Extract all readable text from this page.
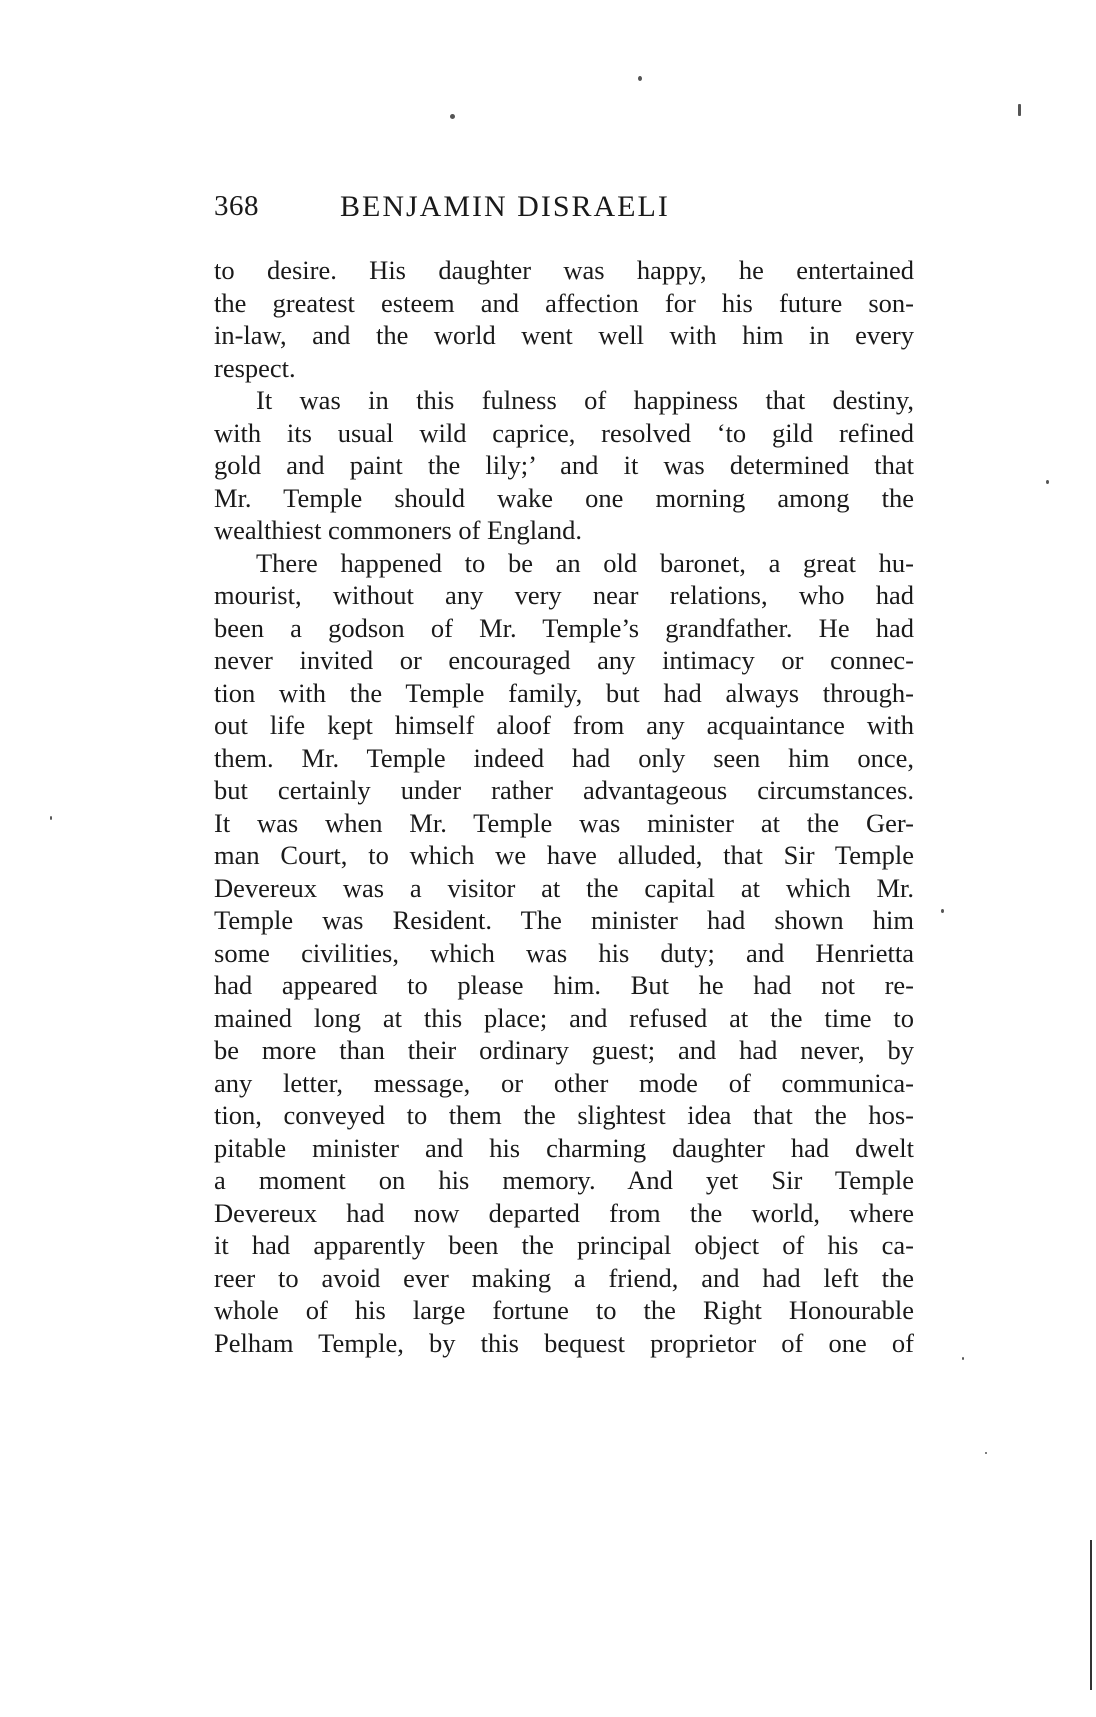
368	BENJAMIN DISRAELI
to desire. His daughter was happy, he entertained
the greatest esteem and affection for his future son-
in-law, and the world went well with him in every
respect.
It was in this fulness of happiness that destiny,
with its usual wild caprice, resolved ‘to gild refined
gold and paint the lily;’ and it was determined that
Mr. Temple should wake one morning among the
wealthiest commoners of England.
There happened to be an old baronet, a great hu-
mourist, without any very near relations, who had
been a godson of Mr. Temple’s grandfather. He had
never invited or encouraged any intimacy or connec-
tion with the Temple family, but had always through-
out life kept himself aloof from any acquaintance with
them. Mr. Temple indeed had only seen him once,
but certainly under rather advantageous circumstances.
It was when Mr. Temple was minister at the Ger-
man Court, to which we have alluded, that Sir Temple
Devereux was a visitor at the capital at which Mr.
Temple was Resident. The minister had shown him
some civilities, which was his duty; and Henrietta
had appeared to please him. But he had not re-
mained long at this place; and refused at the time to
be more than their ordinary guest; and had never, by
any letter, message, or other mode of communica-
tion, conveyed to them the slightest idea that the hos-
pitable minister and his charming daughter had dwelt
a moment on his memory. And yet Sir Temple
Devereux had now departed from the world, where
it had apparently been the principal object of his ca-
reer to avoid ever making a friend, and had left the
whole of his large fortune to the Right Honourable
Pelham Temple, by this bequest proprietor of one of
